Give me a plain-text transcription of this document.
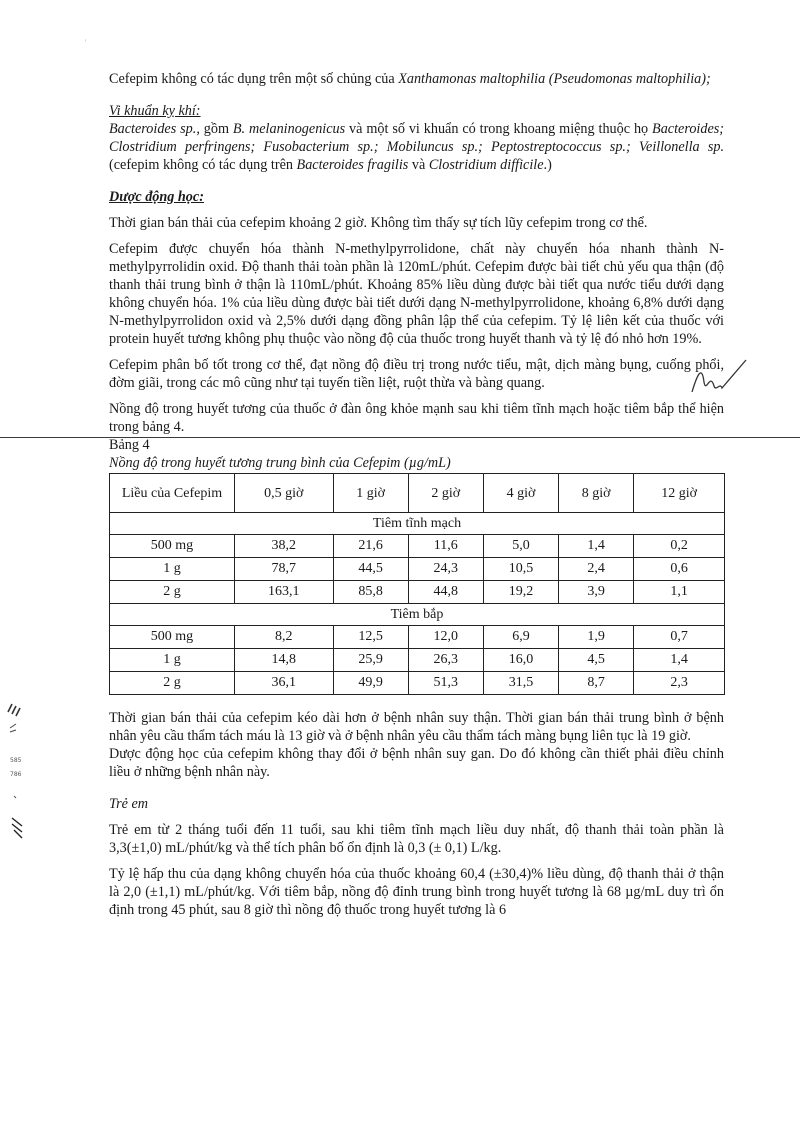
585
786
'

Cefepim không có tác dụng trên một số chủng của Xanthamonas maltophilia (Pseudomonas maltophilia);

Vi khuẩn kỵ khí:

Bacteroides sp., gồm B. melaninogenicus và một số vi khuẩn có trong khoang miệng thuộc họ Bacteroides; Clostridium perfringens; Fusobacterium sp.; Mobiluncus sp.; Peptostreptococcus sp.; Veillonella sp. (cefepim không có tác dụng trên Bacteroides fragilis và Clostridium difficile.)

Dược động học:

Thời gian bán thải của cefepim khoảng 2 giờ. Không tìm thấy sự tích lũy cefepim trong cơ thể.

Cefepim được chuyển hóa thành N-methylpyrrolidone, chất này chuyển hóa nhanh thành N-methylpyrrolidin oxid. Độ thanh thải toàn phần là 120mL/phút. Cefepim được bài tiết chủ yếu qua thận (độ thanh thải trung bình ở thận là 110mL/phút. Khoảng 85% liều dùng được bài tiết qua nước tiểu dưới dạng không chuyển hóa. 1% của liều dùng được bài tiết dưới dạng N-methylpyrrolidone, khoảng 6,8% dưới dạng N-methylpyrrolidon oxid và 2,5% dưới dạng đồng phân lập thể của cefepim. Tỷ lệ liên kết của thuốc với protein huyết tương không phụ thuộc vào nồng độ của thuốc trong huyết thanh và tỷ lệ đó nhỏ hơn 19%.

Cefepim phân bố tốt trong cơ thể, đạt nồng độ điều trị trong nước tiểu, mật, dịch màng bụng, cuống phổi, đờm giãi, trong các mô cũng như tại tuyến tiền liệt, ruột thừa và bàng quang.

Nồng độ trong huyết tương của thuốc ở đàn ông khỏe mạnh sau khi tiêm tĩnh mạch hoặc tiêm bắp thể hiện trong bảng 4.

Bảng 4

Nồng độ trong huyết tương trung bình của Cefepim (µg/mL)

Liều của Cefepim	0,5 giờ	1 giờ	2 giờ	4 giờ	8 giờ	12 giờ
Tiêm tĩnh mạch						
500 mg	38,2	21,6	11,6	5,0	1,4	0,2
1 g	78,7	44,5	24,3	10,5	2,4	0,6
2 g	163,1	85,8	44,8	19,2	3,9	1,1
Tiêm bắp						
500 mg	8,2	12,5	12,0	6,9	1,9	0,7
1 g	14,8	25,9	26,3	16,0	4,5	1,4
2 g	36,1	49,9	51,3	31,5	8,7	2,3

Thời gian bán thải của cefepim kéo dài hơn ở bệnh nhân suy thận. Thời gian bán thải trung bình ở bệnh nhân yêu cầu thẩm tách máu là 13 giờ và ở bệnh nhân yêu cầu thẩm tách màng bụng liên tục là 19 giờ.

Dược động học của cefepim không thay đổi ở bệnh nhân suy gan. Do đó không cần thiết phải điều chỉnh liều ở những bệnh nhân này.

Trẻ em

Trẻ em từ 2 tháng tuổi đến 11 tuổi, sau khi tiêm tĩnh mạch liều duy nhất, độ thanh thải toàn phần là 3,3(±1,0) mL/phút/kg và thể tích phân bố ổn định là 0,3 (± 0,1) L/kg.

Tỷ lệ hấp thu của dạng không chuyển hóa của thuốc khoảng 60,4 (±30,4)% liều dùng, độ thanh thải ở thận là 2,0 (±1,1) mL/phút/kg. Với tiêm bắp, nồng độ đỉnh trung bình trong huyết tương là 68 µg/mL duy trì ổn định trong 45 phút, sau 8 giờ thì nồng độ thuốc trong huyết tương là 6
